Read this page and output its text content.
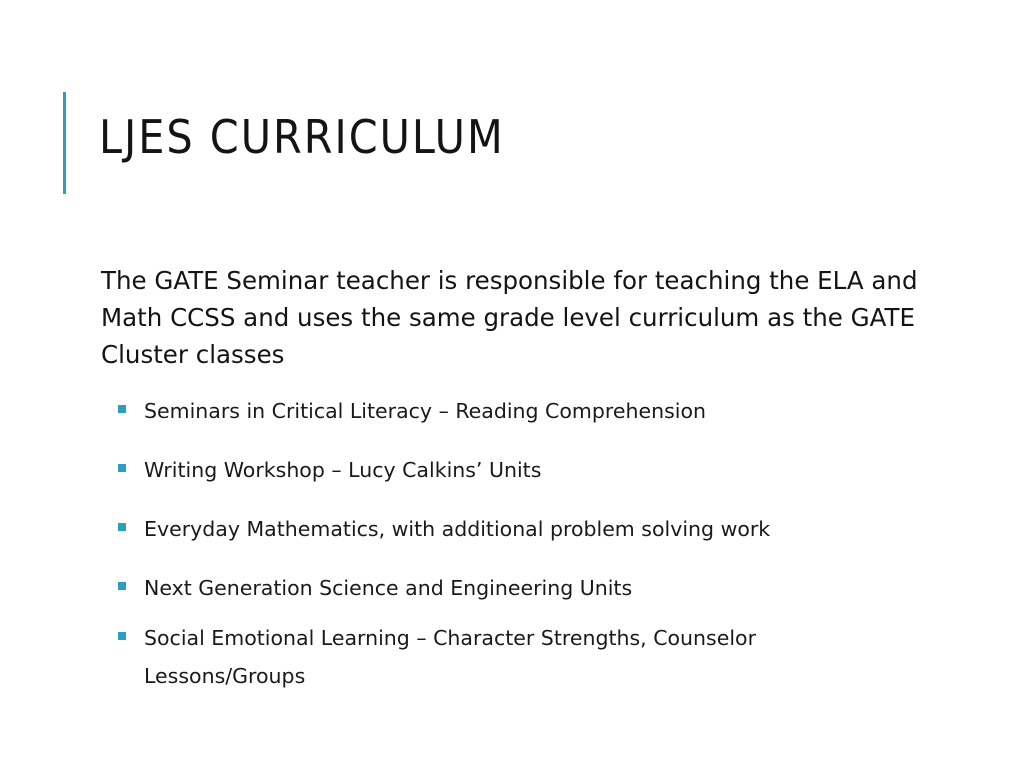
LJES CURRICULUM

The GATE Seminar teacher is responsible for teaching the ELA and Math CCSS and uses the same grade level curriculum as the GATE Cluster classes

Seminars in Critical Literacy – Reading Comprehension
Writing Workshop – Lucy Calkins’ Units
Everyday Mathematics, with additional problem solving work
Next Generation Science and Engineering Units
Social Emotional Learning – Character Strengths, Counselor Lessons/Groups
